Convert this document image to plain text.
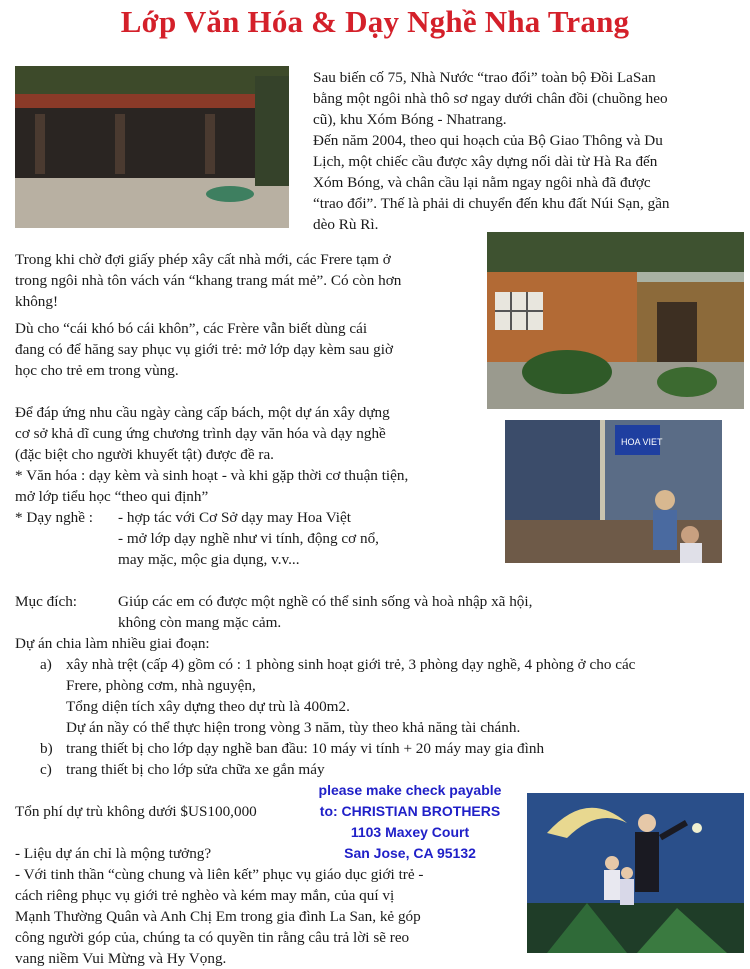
Lớp Văn Hóa & Dạy Nghề Nha Trang
Sau biến cố 75, Nhà Nước “trao đổi” toàn bộ Đồi LaSan
bằng một ngôi nhà thô sơ ngay dưới chân đồi (chuồng heo
cũ), khu Xóm Bóng - Nhatrang.
Đến năm 2004, theo qui hoạch của Bộ Giao Thông và Du
Lịch, một chiếc cầu được xây dựng nối dài từ Hà Ra đến
Xóm Bóng, và chân cầu lại nằm ngay ngôi nhà đã được
“trao đổi”. Thế là phải di chuyển đến khu đất Núi Sạn, gần
dèo Rù Rì.
Trong khi chờ đợi giấy phép xây cất nhà mới, các Frere tạm ở
trong ngôi nhà tôn vách ván “khang trang mát mẻ”. Có còn hơn
không!
Dù cho “cái khó bó cái khôn”, các Frère vẫn biết dùng cái
đang có để hăng say phục vụ giới trẻ: mở lớp dạy kèm sau giờ
học cho trẻ em trong vùng.
HOA VIET
Để đáp ứng nhu cầu ngày càng cấp bách, một dự án xây dựng
cơ sở khả dĩ cung ứng chương trình dạy văn hóa và dạy nghề
(đặc biệt cho người khuyết tật) được đề ra.
* Văn hóa : dạy kèm và sinh hoạt - và khi gặp thời cơ thuận tiện,
mở lớp tiểu học “theo qui định”
* Dạy nghề : - hợp tác với Cơ Sở dạy may Hoa Việt
- mở lớp dạy nghề như vi tính, động cơ nổ,
may mặc, mộc gia dụng, v.v...
Mục đích:	Giúp các em có được một nghề có thể sinh sống và hoà nhập xã hội,
không còn mang mặc cảm.
Dự án chia làm nhiều giai đoạn:
a) xây nhà trệt (cấp 4) gồm có : 1 phòng sinh hoạt giới trẻ, 3 phòng dạy nghề, 4 phòng ở cho các
Frere, phòng cơm, nhà nguyện,
Tổng diện tích xây dựng theo dự trù là 400m2.
Dự án nầy có thể thực hiện trong vòng 3 năm, tùy theo khả năng tài chánh.
b) trang thiết bị cho lớp dạy nghề ban đầu: 10 máy vi tính + 20 máy may gia đình
c) trang thiết bị cho lớp sửa chữa xe gắn máy
Tổn phí dự trù không dưới $US100,000
please make check payable
to: CHRISTIAN BROTHERS
1103 Maxey Court
San Jose, CA 95132
- Liệu dự án chỉ là mộng tưởng?
- Với tinh thần “cùng chung và liên kết” phục vụ giáo dục giới trẻ -
cách riêng phục vụ giới trẻ nghèo và kém may mắn, của quí vị
Mạnh Thường Quân và Anh Chị Em trong gia đình La San, kẻ góp
công người góp của, chúng ta có quyền tin rằng câu trả lời sẽ reo
vang niềm Vui Mừng và Hy Vọng.
